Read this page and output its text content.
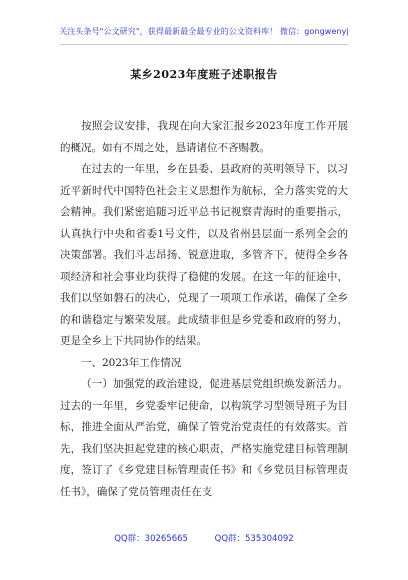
关注头条号"公文研究"，获得最新最全最专业的公文资料库！ 微信：gongwenyj
某乡2023年度班子述职报告

按照会议安排，我现在向大家汇报乡2023年度工作开展的概况。如有不周之处，恳请诸位不吝赐教。

在过去的一年里，乡在县委、县政府的英明领导下，以习近平新时代中国特色社会主义思想作为航标，全力落实党的大会精神。我们紧密追随习近平总书记视察青海时的重要指示，认真执行中央和省委1号文件，以及省州县层面一系列全会的决策部署。我们斗志昂扬、锐意进取，多管齐下，使得全乡各项经济和社会事业均获得了稳健的发展。在这一年的征途中，我们以坚如磐石的决心，兑现了一项项工作承诺，确保了全乡的和谐稳定与繁荣发展。此成绩非但是乡党委和政府的努力，更是全乡上下共同协作的结果。

一、2023年工作情况

（一）加强党的政治建设，促进基层党组织焕发新活力。过去的一年里，乡党委牢记使命，以构筑学习型领导班子为目标，推进全面从严治党，确保了管党治党责任的有效落实。首先，我们坚决担起党建的核心职责，严格实施党建目标管理制度，签订了《乡党建目标管理责任书》和《乡党员目标管理责任书》，确保了党员管理责任在支

QQ群：30265665	QQ群：535304092
